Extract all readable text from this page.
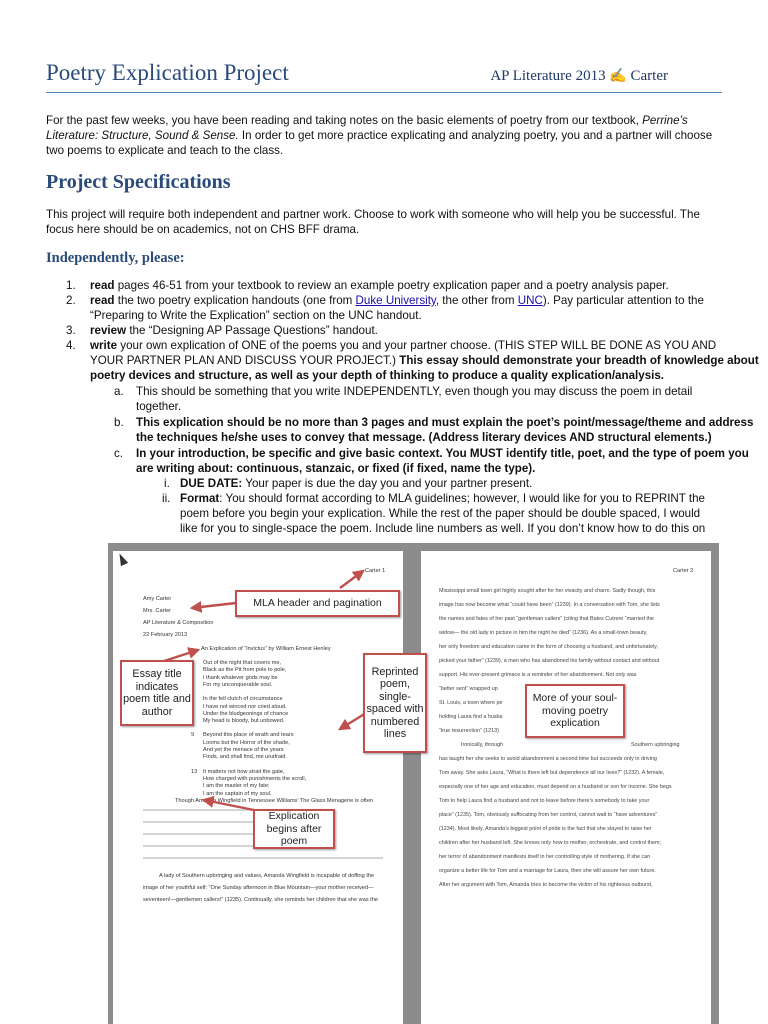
Poetry Explication Project	AP Literature 2013 ✍ Carter
For the past few weeks, you have been reading and taking notes on the basic elements of poetry from our textbook, Perrine’s
Literature: Structure, Sound & Sense. In order to get more practice explicating and analyzing poetry, you and a partner will choose
two poems to explicate and teach to the class.
Project Specifications
This project will require both independent and partner work. Choose to work with someone who will help you be successful. The
focus here should be on academics, not on CHS BFF drama.
Independently, please:
1. read pages 46-51 from your textbook to review an example poetry explication paper and a poetry analysis paper.
2. read the two poetry explication handouts (one from Duke University, the other from UNC). Pay particular attention to the
“Preparing to Write the Explication” section on the UNC handout.
3. review the “Designing AP Passage Questions” handout.
4. write your own explication of ONE of the poems you and your partner choose. (THIS STEP WILL BE DONE AS YOU AND
YOUR PARTNER PLAN AND DISCUSS YOUR PROJECT.) This essay should demonstrate your breadth of knowledge about
poetry devices and structure, as well as your depth of thinking to produce a quality explication/analysis.
a. This should be something that you write INDEPENDENTLY, even though you may discuss the poem in detail
together.
b. This explication should be no more than 3 pages and must explain the poet’s point/message/theme and address
the techniques he/she uses to convey that message. (Address literary devices AND structural elements.)
c. In your introduction, be specific and give basic context. You MUST identify title, poet, and the type of poem you
are writing about: continuous, stanzaic, or fixed (if fixed, name the type).
i. DUE DATE: Your paper is due the day you and your partner present.
ii. Format: You should format according to MLA guidelines; however, I would like for you to REPRINT the
poem before you begin your explication. While the rest of the paper should be double spaced, I would
like for you to single-space the poem. Include line numbers as well. If you don’t know how to do this on
Carter 1
Amy Carter
Mrs. Carter
AP Literature & Composition
22 February 2013
An Explication of “Invictus” by William Ernest Henley
Out of the night that covers me,
Black as the Pit from pole to pole,
I thank whatever gods may be
For my unconquerable soul.
In the fell clutch of circumstance
I have not winced nor cried aloud.
Under the bludgeonings of chance
My head is bloody, but unbowed.
9 Beyond this place of wrath and tears
Looms but the Horror of the shade,
And yet the menace of the years
Finds, and shall find, me unafraid.
13 It matters not how strait the gate,
How charged with punishments the scroll,
I am the master of my fate:
I am the captain of my soul.
Though Amanda Wingfield in Tennessee Williams’ The Glass Menagerie is often
A lady of Southern upbringing and values, Amanda Wingfield is incapable of doffing the
image of her youthful self: “One Sunday afternoon in Blue Mountain—your mother received—
seventeen!—gentlemen callers!” (1235). Continually, she reminds her children that she was the
Carter 2
Mississippi small town girl highly sought after for her vivacity and charm. Sadly though, this
image has now become what “could have been” (1239). In a conversation with Tom, she lists
the names and fates of her past “gentleman callers” (citing that Bates Cutrere “married the
widow— the old lady in picture in him the night he died” (1236). As a small-town beauty,
her only freedom and education came in the form of choosing a husband, and unfortunately,
picked your father” (1239), a man who has abandoned his family without contact and without
support. His ever-present grimace is a reminder of her abandonment. Not only was
“better sent” wrapped up
St. Louis, a town where pe
holding Laura find a husba
“true resurrection” (1213)
Southern upbringing
Ironically, through
has taught her she seeks to avoid abandonment a second time but succeeds only in driving
Tom away. She asks Laura, “What is there left but dependence all our lives?” (1232). A female,
especially one of her age and education, must depend on a husband or son for income. She begs
Tom to help Laura find a husband and not to leave before there’s somebody to take your
place” (1235). Tom, obviously suffocating from her control, cannot wait to “have adventures”
(1234). Most likely, Amanda’s biggest point of pride is the fact that she stayed to raise her
children after her husband left. She knows only how to mother, orchestrate, and control them;
her terror of abandonment manifests itself in her controlling style of mothering. If she can
organize a better life for Tom and a marriage for Laura, then she will assure her own future.
After her argument with Tom, Amanda tries to become the victim of his righteous outburst,
MLA header and pagination
Essay title indicates poem title and author
Reprinted poem, single-spaced with numbered lines
Explication begins after poem
More of your soul-moving poetry explication
